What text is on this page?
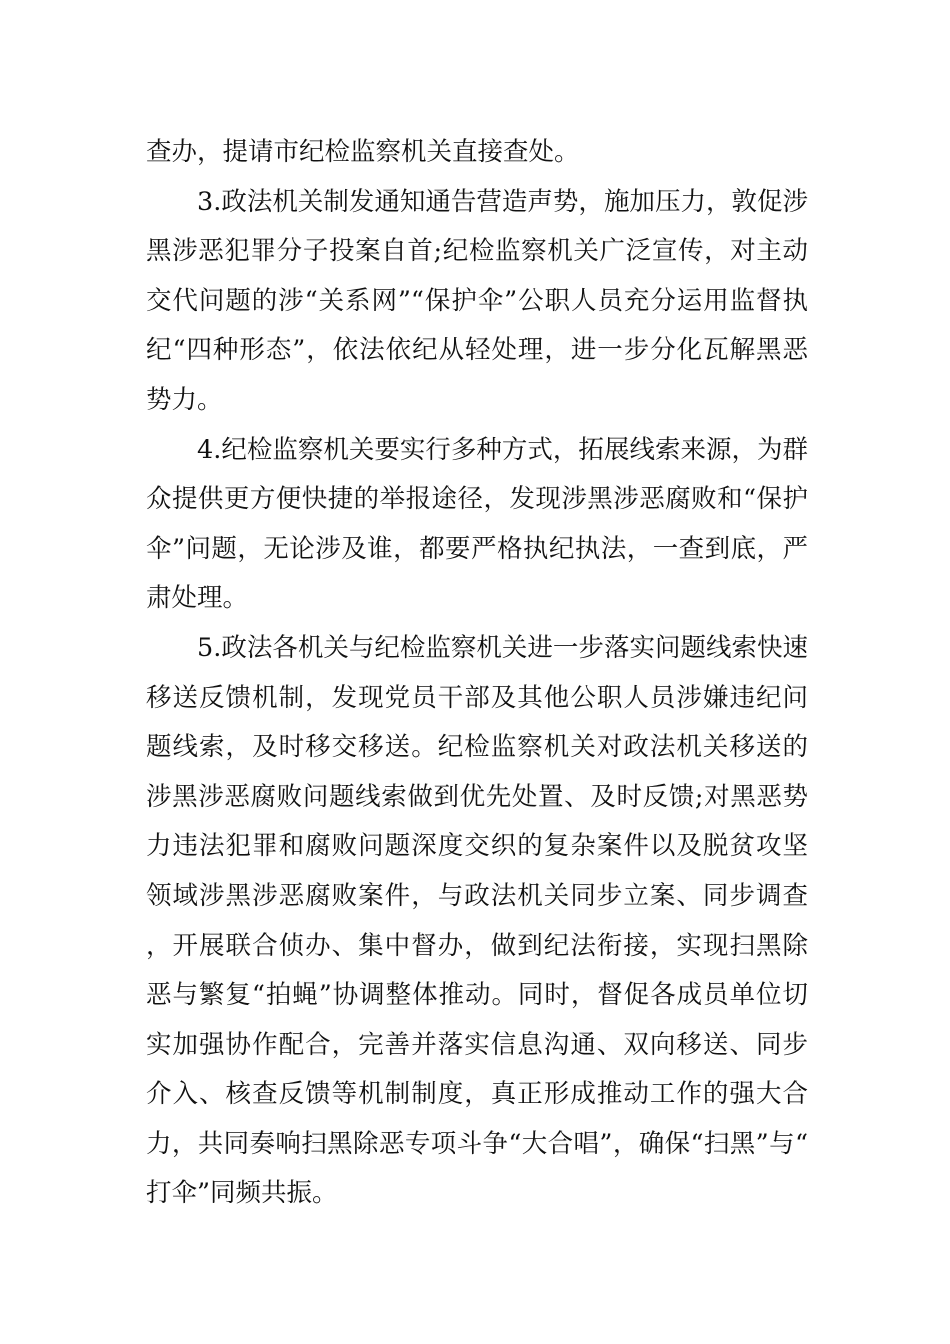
查办，提请市纪检监察机关直接查处。

3.政法机关制发通知通告营造声势，施加压力，敦促涉黑涉恶犯罪分子投案自首;纪检监察机关广泛宣传，对主动交代问题的涉“关系网”“保护伞”公职人员充分运用监督执纪“四种形态”，依法依纪从轻处理，进一步分化瓦解黑恶势力。

4.纪检监察机关要实行多种方式，拓展线索来源，为群众提供更方便快捷的举报途径，发现涉黑涉恶腐败和“保护伞”问题，无论涉及谁，都要严格执纪执法，一查到底，严肃处理。

5.政法各机关与纪检监察机关进一步落实问题线索快速移送反馈机制，发现党员干部及其他公职人员涉嫌违纪问题线索，及时移交移送。纪检监察机关对政法机关移送的涉黑涉恶腐败问题线索做到优先处置、及时反馈;对黑恶势力违法犯罪和腐败问题深度交织的复杂案件以及脱贫攻坚领域涉黑涉恶腐败案件，与政法机关同步立案、同步调查，开展联合侦办、集中督办，做到纪法衔接，实现扫黑除恶与繁复“拍蝇”协调整体推动。同时，督促各成员单位切实加强协作配合，完善并落实信息沟通、双向移送、同步介入、核查反馈等机制制度，真正形成推动工作的强大合力，共同奏响扫黑除恶专项斗争“大合唱”，确保“扫黑”与“打伞”同频共振。
